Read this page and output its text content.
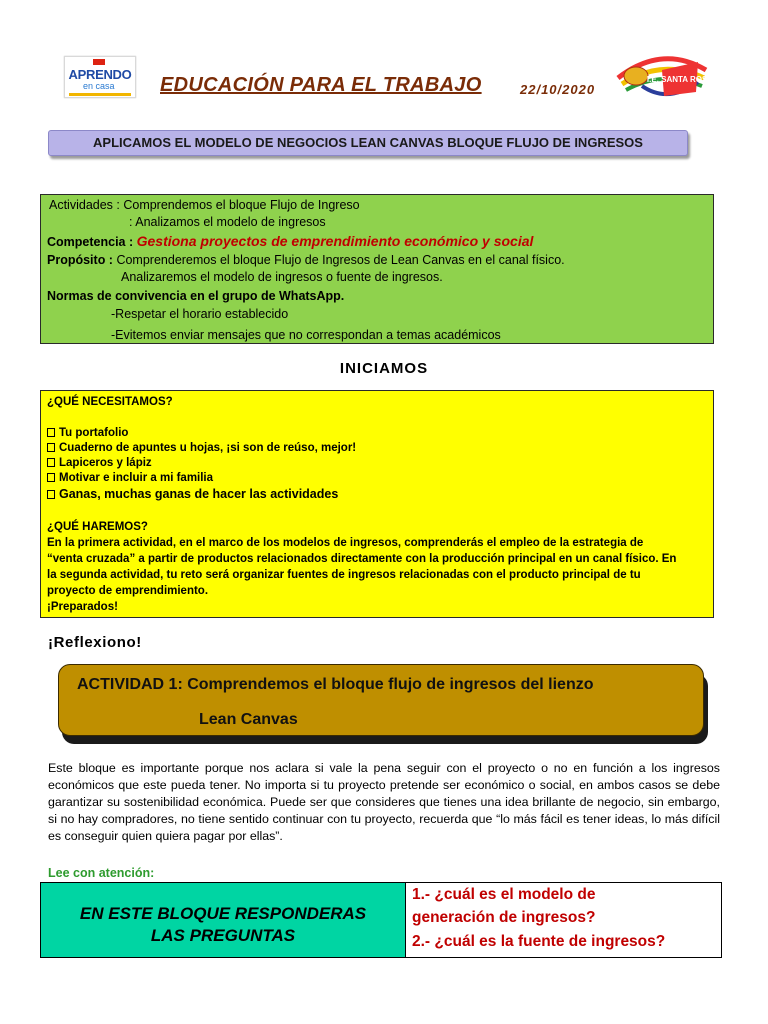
APRENDO
en casa EDUCACIÓN PARA EL TRABAJO	22/10/2020
I.E. SANTA ROSA
APLICAMOS EL MODELO DE NEGOCIOS LEAN CANVAS BLOQUE FLUJO DE INGRESOS
Actividades : Comprendemos el bloque Flujo de Ingreso
: Analizamos el modelo de ingresos
Competencia : Gestiona proyectos de emprendimiento económico y social
Propósito : Comprenderemos el bloque Flujo de Ingresos de Lean Canvas en el canal físico.
Analizaremos el modelo de ingresos o fuente de ingresos.
Normas de convivencia en el grupo de WhatsApp.
-Respetar el horario establecido
-Evitemos enviar mensajes que no correspondan a temas académicos
INICIAMOS
¿QUÉ NECESITAMOS?
Tu portafolio
Cuaderno de apuntes u hojas, ¡si son de reúso, mejor!
Lapiceros y lápiz
Motivar e incluir a mi familia
Ganas, muchas ganas de hacer las actividades
¿QUÉ HAREMOS?
En la primera actividad, en el marco de los modelos de ingresos, comprenderás el empleo de la estrategia de
“venta cruzada” a partir de productos relacionados directamente con la producción principal en un canal físico. En
la segunda actividad, tu reto será organizar fuentes de ingresos relacionadas con el producto principal de tu
proyecto de emprendimiento.
¡Preparados!
¡Reflexiono!
ACTIVIDAD 1: Comprendemos el bloque flujo de ingresos del lienzo
Lean Canvas
Este bloque es importante porque nos aclara si vale la pena seguir con el proyecto o no en función a los ingresos económicos que este pueda tener. No importa si tu proyecto pretende ser económico o social, en ambos casos se debe garantizar su sostenibilidad económica. Puede ser que consideres que tienes una idea brillante de negocio, sin embargo, si no hay compradores, no tiene sentido continuar con tu proyecto, recuerda que “lo más fácil es tener ideas, lo más difícil es conseguir quien quiera pagar por ellas”.
Lee con atención:
EN ESTE BLOQUE RESPONDERAS
LAS PREGUNTAS
1.- ¿cuál es el modelo de
generación de ingresos?
2.- ¿cuál es la fuente de ingresos?
